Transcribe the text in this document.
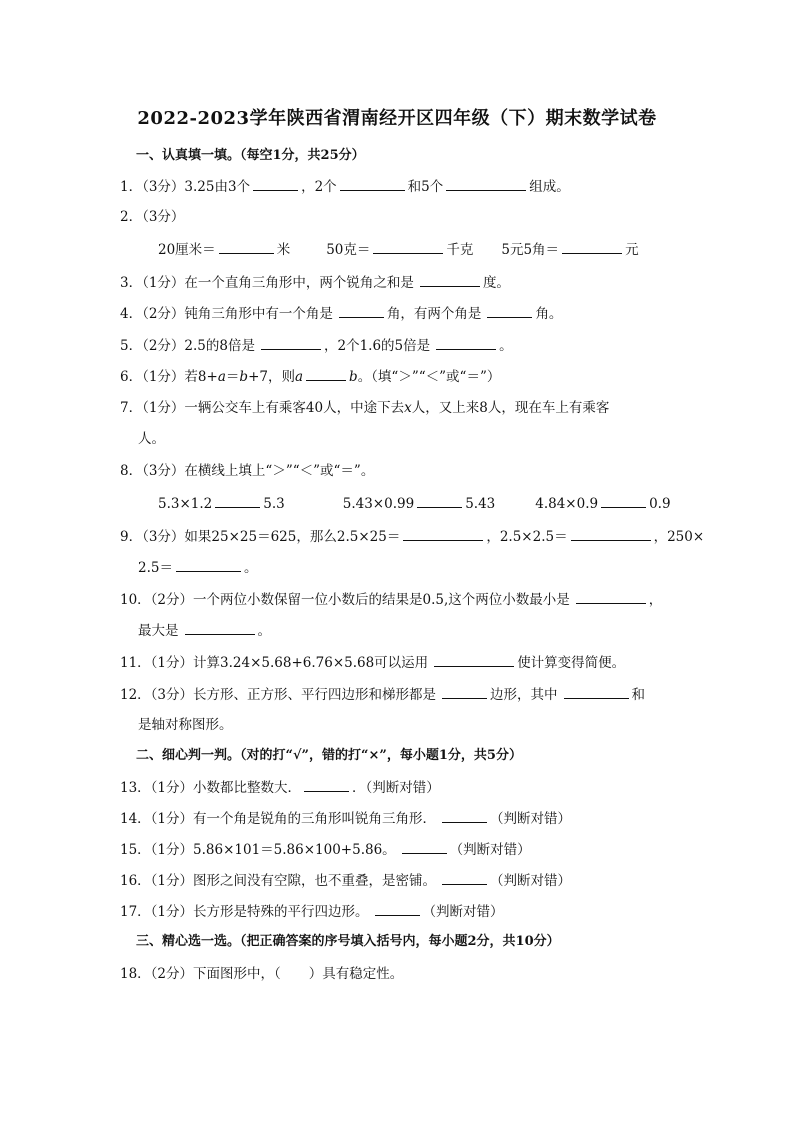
2022-2023学年陕西省渭南经开区四年级（下）期末数学试卷
一、认真填一填。（每空1分，共25分）
1．（3分）3.25由3个	，2个	和5个	组成。
2．（3分）
20厘米＝	米	50克＝	千克 5元5角＝	元
3．（1分）在一个直角三角形中，两个锐角之和是	度。
4．（2分）钝角三角形中有一个角是	角，有两个角是	角。
5．（2分）2.5的8倍是	，2个1.6的5倍是	。
6．（1分）若8+a＝b+7，则a	b。（填“＞”“＜”或“＝”）
7．（1分）一辆公交车上有乘客40人，中途下去x人，又上来8人，现在车上有乘客
人。
8．（3分）在横线上填上“＞”“＜”或“＝”。
5.3×1.2	5.3	5.43×0.99	5.43	4.84×0.9	0.9
9．（3分）如果25×25＝625，那么2.5×25＝	，2.5×2.5＝	，250×
2.5＝	。
10．（2分）一个两位小数保留一位小数后的结果是0.5,这个两位小数最小是	，
最大是	。
11．（1分）计算3.24×5.68+6.76×5.68可以运用	使计算变得简便。
12．（3分）长方形、正方形、平行四边形和梯形都是	边形，其中	和
是轴对称图形。
二、细心判一判。（对的打“√”，错的打“×”，每小题1分，共5分）
13．（1分）小数都比整数大．	．（判断对错）
14．（1分）有一个角是锐角的三角形叫锐角三角形．	（判断对错）
15．（1分）5.86×101＝5.86×100+5.86。	（判断对错）
16．（1分）图形之间没有空隙，也不重叠，是密铺。	（判断对错）
17．（1分）长方形是特殊的平行四边形。	（判断对错）
三、精心选一选。（把正确答案的序号填入括号内，每小题2分，共10分）
18．（2分）下面图形中，（ ）具有稳定性。
